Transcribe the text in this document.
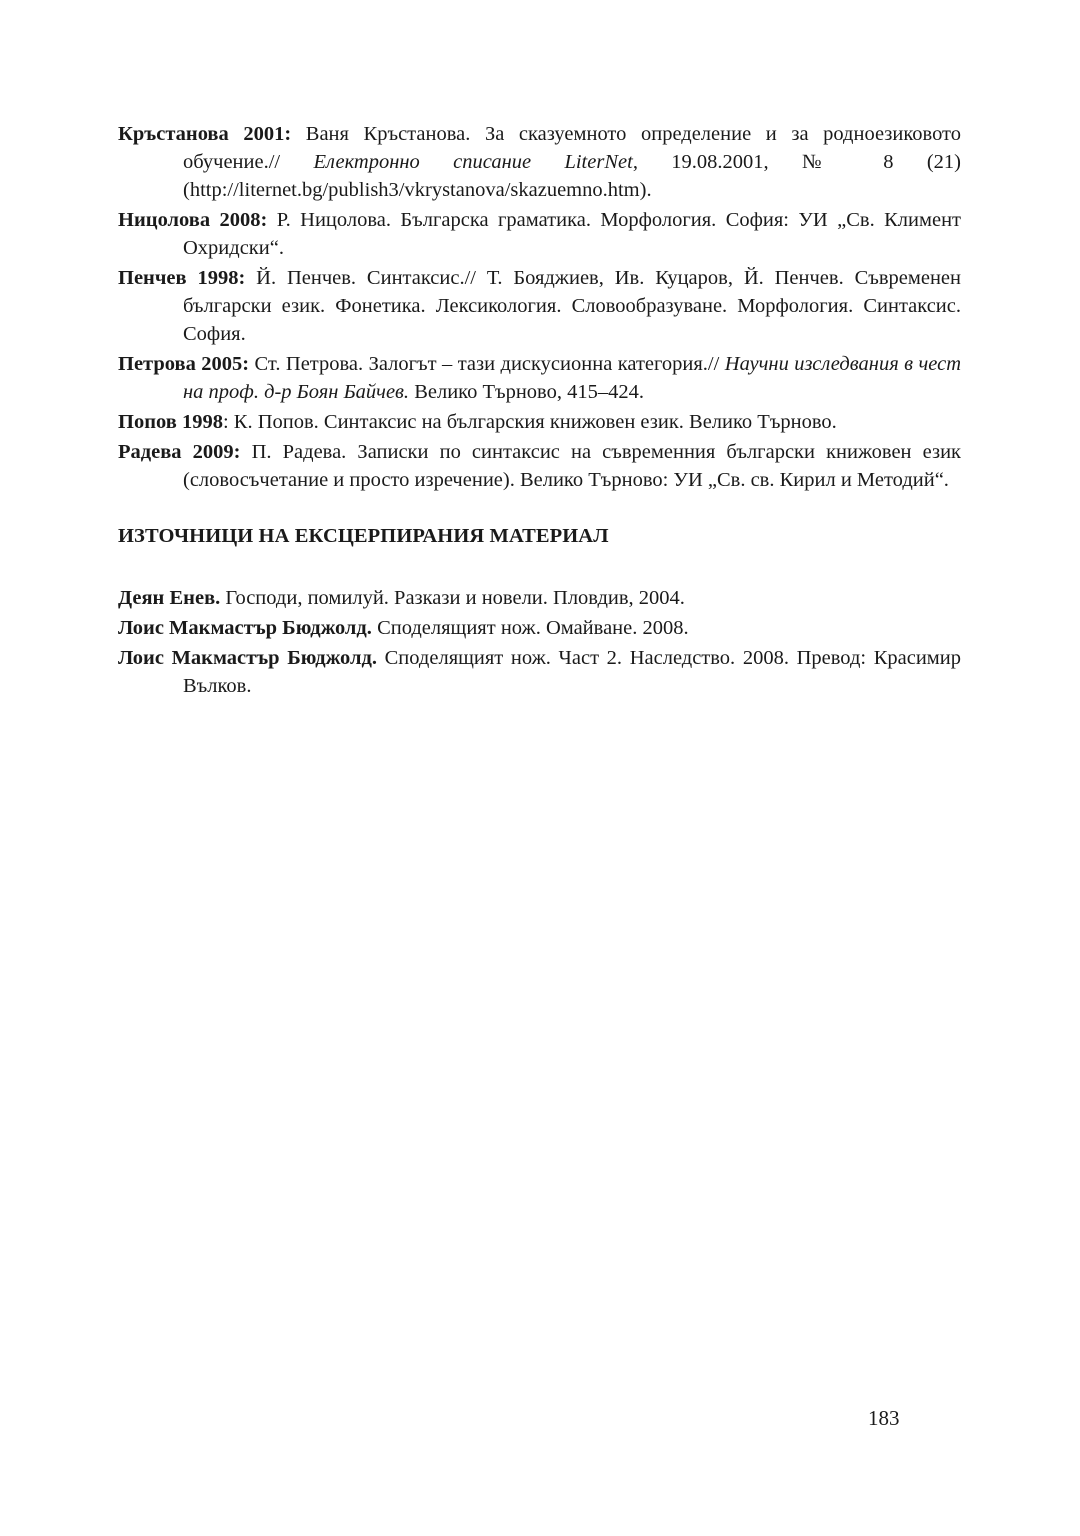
Кръстанова 2001: Ваня Кръстанова. За сказуемното определение и за родноезиковото обучение.// Електронно списание LiterNet, 19.08.2001, № 8 (21) (http://liternet.bg/publish3/vkrystanova/skazuemno.htm).

Ницолова 2008: Р. Ницолова. Българска граматика. Морфология. София: УИ „Св. Климент Охридски“.

Пенчев 1998: Й. Пенчев. Синтаксис.// Т. Бояджиев, Ив. Куцаров, Й. Пенчев. Съвременен български език. Фонетика. Лексикология. Словообразуване. Морфология. Синтаксис. София.

Петрова 2005: Ст. Петрова. Залогът – тази дискусионна категория.// Научни изследвания в чест на проф. д-р Боян Байчев. Велико Търново, 415–424.

Попов 1998: К. Попов. Синтаксис на българския книжовен език. Велико Търново.

Радева 2009: П. Радева. Записки по синтаксис на съвременния български книжовен език (словосъчетание и просто изречение). Велико Търново: УИ „Св. св. Кирил и Методий“.

ИЗТОЧНИЦИ НА ЕКСЦЕРПИРАНИЯ МАТЕРИАЛ

Деян Енев. Господи, помилуй. Разкази и новели. Пловдив, 2004.

Лоис Макмастър Бюджолд. Споделящият нож. Омайване. 2008.

Лоис Макмастър Бюджолд. Споделящият нож. Част 2. Наследство. 2008. Превод: Красимир Вълков.

183
